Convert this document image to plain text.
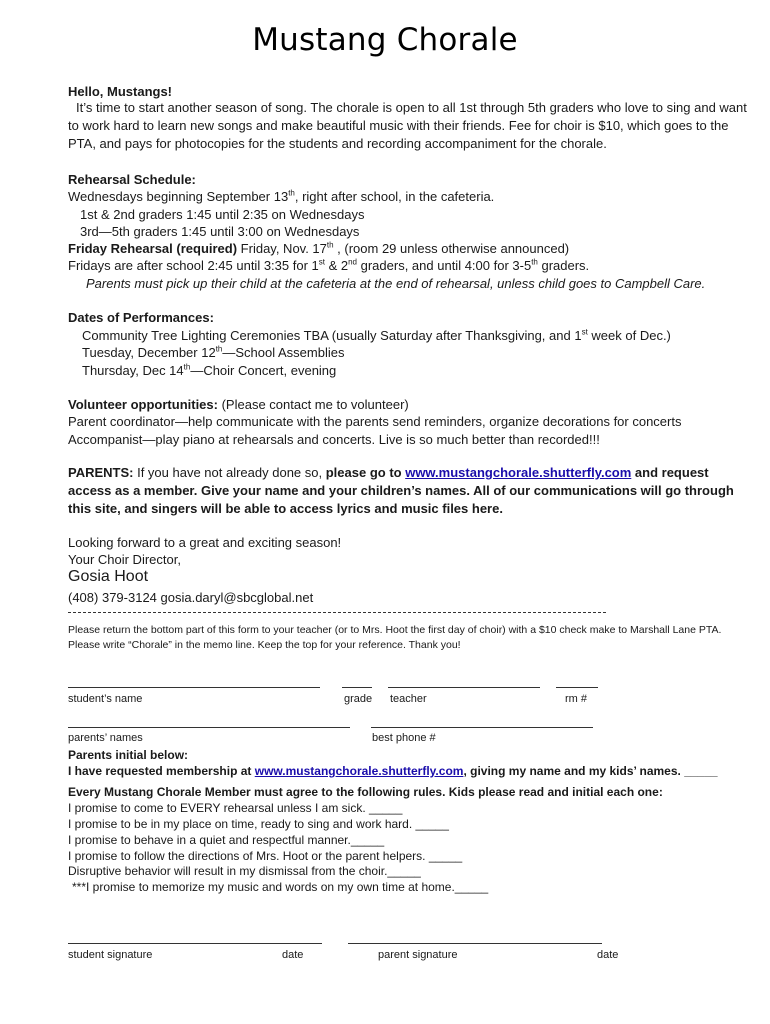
Mustang Chorale
Hello, Mustangs!
It’s time to start another season of song. The chorale is open to all 1st through 5th graders who love to sing and want to work hard to learn new songs and make beautiful music with their friends. Fee for choir is $10, which goes to the PTA, and pays for photocopies for the students and recording accompaniment for the chorale.
Rehearsal Schedule:
Wednesdays beginning September 13th, right after school, in the cafeteria.
1st & 2nd graders 1:45 until 2:35 on Wednesdays
3rd—5th graders 1:45 until 3:00 on Wednesdays
Friday Rehearsal (required) Friday, Nov. 17th , (room 29 unless otherwise announced)
Fridays are after school 2:45 until 3:35 for 1st & 2nd graders, and until 4:00 for 3-5th graders.
Parents must pick up their child at the cafeteria at the end of rehearsal, unless child goes to Campbell Care.
Dates of Performances:
Community Tree Lighting Ceremonies TBA (usually Saturday after Thanksgiving, and 1st week of Dec.)
Tuesday, December 12th—School Assemblies
Thursday, Dec 14th—Choir Concert, evening
Volunteer opportunities: (Please contact me to volunteer)
Parent coordinator—help communicate with the parents send reminders, organize decorations for concerts
Accompanist—play piano at rehearsals and concerts. Live is so much better than recorded!!!
PARENTS: If you have not already done so, please go to www.mustangchorale.shutterfly.com and request access as a member. Give your name and your children’s names. All of our communications will go through this site, and singers will be able to access lyrics and music files here.
Looking forward to a great and exciting season!
Your Choir Director,
Gosia Hoot
(408) 379-3124 gosia.daryl@sbcglobal.net
Please return the bottom part of this form to your teacher (or to Mrs. Hoot the first day of choir) with a $10 check make to Marshall Lane PTA. Please write “Chorale” in the memo line. Keep the top for your reference. Thank you!
student’s name	grade teacher	rm #
parents’ names	best phone #
Parents initial below:
I have requested membership at www.mustangchorale.shutterfly.com, giving my name and my kids’ names. _____
Every Mustang Chorale Member must agree to the following rules. Kids please read and initial each one:
I promise to come to EVERY rehearsal unless I am sick. _____
I promise to be in my place on time, ready to sing and work hard. _____
I promise to behave in a quiet and respectful manner._____
I promise to follow the directions of Mrs. Hoot or the parent helpers. _____
Disruptive behavior will result in my dismissal from the choir._____
***I promise to memorize my music and words on my own time at home._____
student signature	date	parent signature	date
